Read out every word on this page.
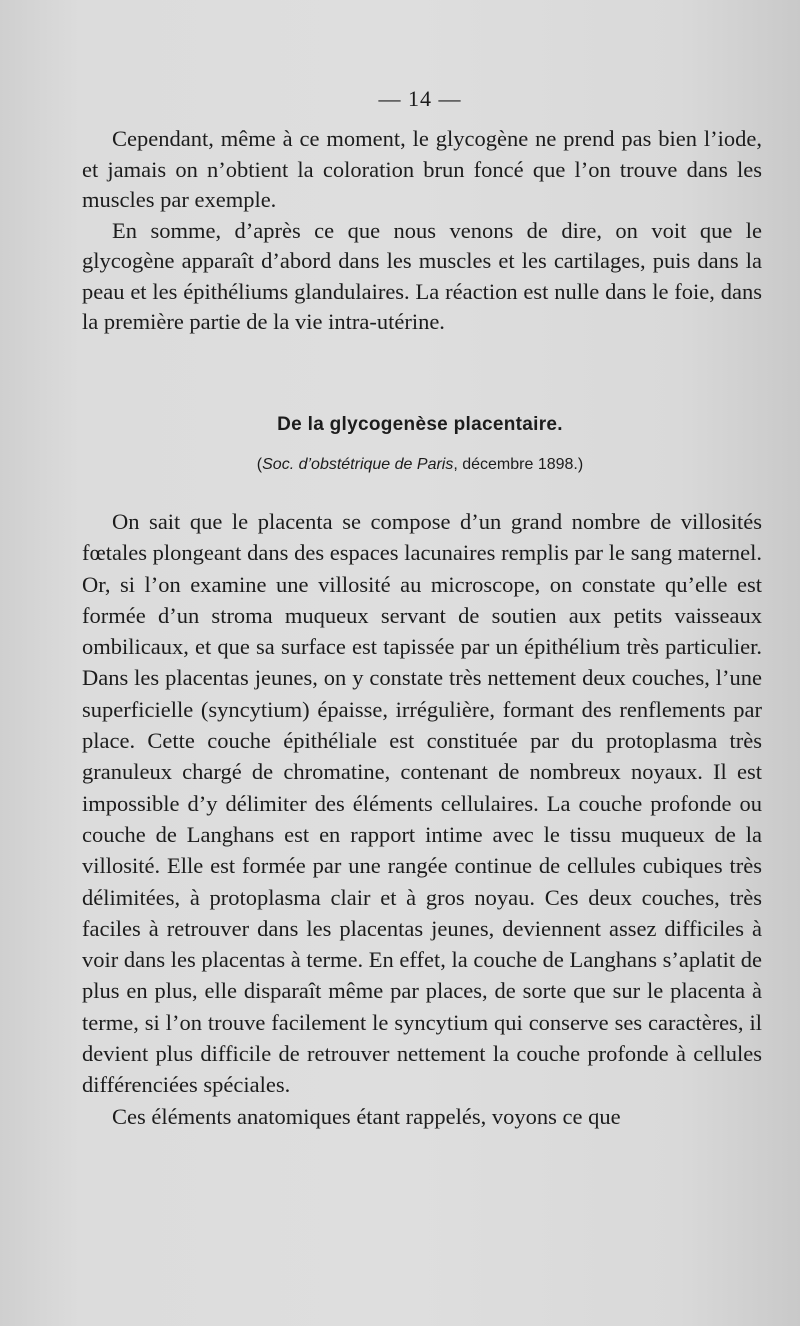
— 14 —

Cependant, même à ce moment, le glycogène ne prend pas bien l’iode, et jamais on n’obtient la coloration brun foncé que l’on trouve dans les muscles par exemple.

En somme, d’après ce que nous venons de dire, on voit que le glycogène apparaît d’abord dans les muscles et les cartilages, puis dans la peau et les épithéliums glandulaires. La réaction est nulle dans le foie, dans la première partie de la vie intra-utérine.

De la glycogenèse placentaire.
(Soc. d’obstétrique de Paris, décembre 1898.)

On sait que le placenta se compose d’un grand nombre de villosités fœtales plongeant dans des espaces lacunaires remplis par le sang maternel. Or, si l’on examine une villosité au microscope, on constate qu’elle est formée d’un stroma muqueux servant de soutien aux petits vaisseaux ombilicaux, et que sa surface est tapissée par un épithélium très particulier. Dans les placentas jeunes, on y constate très nettement deux couches, l’une superficielle (syncytium) épaisse, irrégulière, formant des renflements par place. Cette couche épithéliale est constituée par du protoplasma très granuleux chargé de chromatine, contenant de nombreux noyaux. Il est impossible d’y délimiter des éléments cellulaires. La couche profonde ou couche de Langhans est en rapport intime avec le tissu muqueux de la villosité. Elle est formée par une rangée continue de cellules cubiques très délimitées, à protoplasma clair et à gros noyau. Ces deux couches, très faciles à retrouver dans les placentas jeunes, deviennent assez difficiles à voir dans les placentas à terme. En effet, la couche de Langhans s’aplatit de plus en plus, elle disparaît même par places, de sorte que sur le placenta à terme, si l’on trouve facilement le syncytium qui conserve ses caractères, il devient plus difficile de retrouver nettement la couche profonde à cellules différenciées spéciales.

Ces éléments anatomiques étant rappelés, voyons ce que
